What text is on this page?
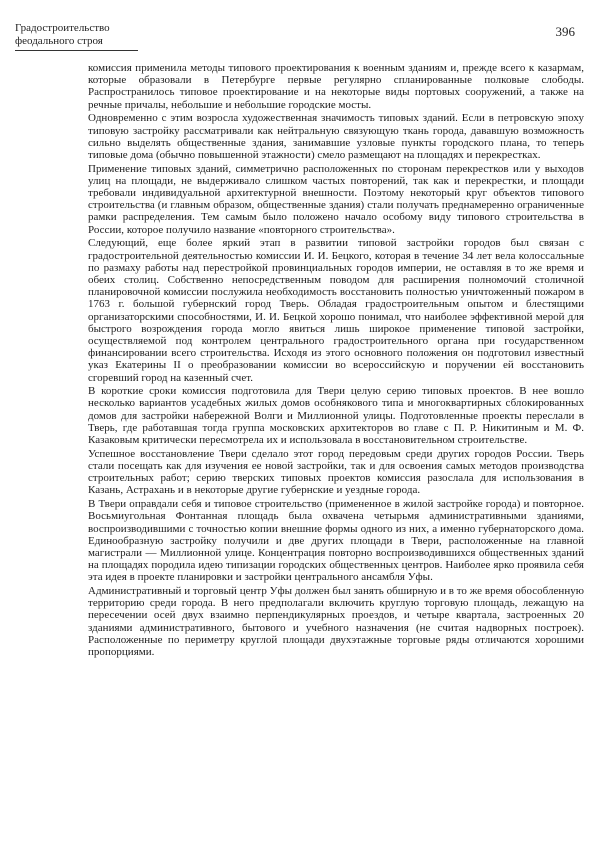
Градостроительство
феодального строя
396

комиссия применила методы типового проектирования к военным зданиям и, прежде всего к казармам, которые образовали в Петербурге первые регулярно спланированные полковые слободы. Распространилось типовое проектирование и на некоторые виды портовых сооружений, а также на речные причалы, небольшие и небольшие городские мосты.

Одновременно с этим возросла художественная значимость типовых зданий. Если в петровскую эпоху типовую застройку рассматривали как нейтральную связующую ткань города, дававшую возможность сильно выделять общественные здания, занимавшие узловые пункты городского плана, то теперь типовые дома (обычно повышенной этажности) смело размещают на площадях и перекрестках.

Применение типовых зданий, симметрично расположенных по сторонам перекрестков или у выходов улиц на площади, не выдерживало слишком частых повторений, так как и перекрестки, и площади требовали индивидуальной архитектурной внешности. Поэтому некоторый круг объектов типового строительства (и главным образом, общественные здания) стали получать преднамеренно ограниченные рамки распределения. Тем самым было положено начало особому виду типового строительства в России, которое получило название «повторного строительства».

Следующий, еще более яркий этап в развитии типовой застройки городов был связан с градостроительной деятельностью комиссии И. И. Бецкого, которая в течение 34 лет вела колоссальные по размаху работы над перестройкой провинциальных городов империи, не оставляя в то же время и обеих столиц. Собственно непосредственным поводом для расширения полномочий столичной планировочной комиссии послужила необходимость восстановить полностью уничтоженный пожаром в 1763 г. большой губернский город Тверь. Обладая градостроительным опытом и блестящими организаторскими способностями, И. И. Бецкой хорошо понимал, что наиболее эффективной мерой для быстрого возрождения города могло явиться лишь широкое применение типовой застройки, осуществляемой под контролем центрального градостроительного органа при государственном финансировании всего строительства. Исходя из этого основного положения он подготовил известный указ Екатерины II о преобразовании комиссии во всероссийскую и поручении ей восстановить сгоревший город на казенный счет.

В короткие сроки комиссия подготовила для Твери целую серию типовых проектов. В нее вошло несколько вариантов усадебных жилых домов особнякового типа и многоквартирных сблокированных домов для застройки набережной Волги и Миллионной улицы. Подготовленные проекты переслали в Тверь, где работавшая тогда группа московских архитекторов во главе с П. Р. Никитиным и М. Ф. Казаковым критически пересмотрела их и использовала в восстановительном строительстве.

Успешное восстановление Твери сделало этот город передовым среди других городов России. Тверь стали посещать как для изучения ее новой застройки, так и для освоения самых методов производства строительных работ; серию тверских типовых проектов комиссия разослала для использования в Казань, Астрахань и в некоторые другие губернские и уездные города.

В Твери оправдали себя и типовое строительство (примененное в жилой застройке города) и повторное. Восьмиугольная Фонтанная площадь была охвачена четырьмя административными зданиями, воспроизводившими с точностью копии внешние формы одного из них, а именно губернаторского дома. Единообразную застройку получили и две других площади в Твери, расположенные на главной магистрали — Миллионной улице. Концентрация повторно воспроизводившихся общественных зданий на площадях породила идею типизации городских общественных центров. Наиболее ярко проявила себя эта идея в проекте планировки и застройки центрального ансамбля Уфы.

Административный и торговый центр Уфы должен был занять обширную и в то же время обособленную территорию среди города. В него предполагали включить круглую торговую площадь, лежащую на пересечении осей двух взаимно перпендикулярных проездов, и четыре квартала, застроенных 20 зданиями административного, бытового и учебного назначения (не считая надворных построек). Расположенные по периметру круглой площади двухэтажные торговые ряды отличаются хорошими пропорциями.
